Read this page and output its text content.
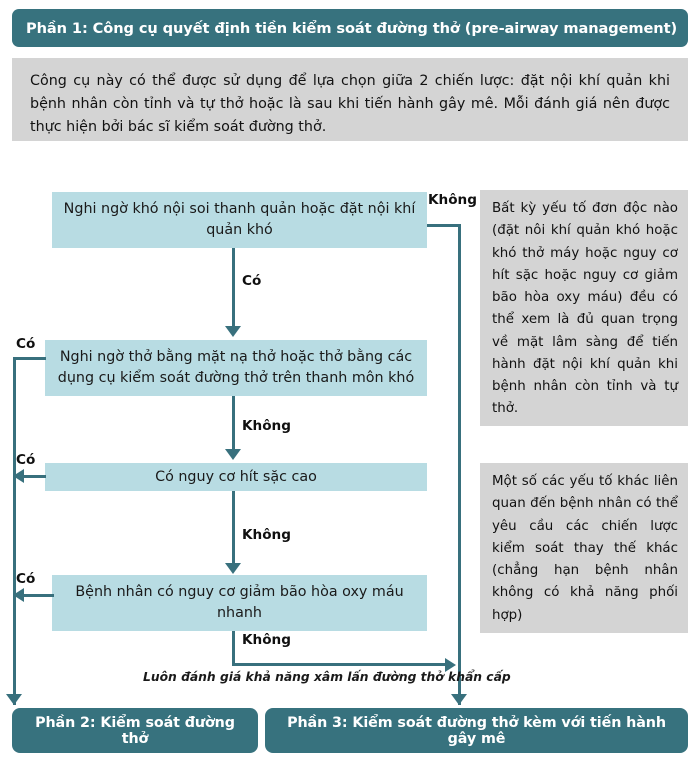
Phần 1: Công cụ quyết định tiền kiểm soát đường thở (pre-airway management)
Công cụ này có thể được sử dụng để lựa chọn giữa 2 chiến lược: đặt nội khí quản khi bệnh nhân còn tỉnh và tự thở hoặc là sau khi tiến hành gây mê. Mỗi đánh giá nên được thực hiện bởi bác sĩ kiểm soát đường thở.
Nghi ngờ khó nội soi thanh quản hoặc đặt nội khí quản khó
Nghi ngờ thở bằng mặt nạ thở hoặc thở bằng các dụng cụ kiểm soát đường thở trên thanh môn khó
Có nguy cơ hít sặc cao
Bệnh nhân có nguy cơ giảm bão hòa oxy máu nhanh
Có
Không
Có
Không
Có
Không
Có
Không
Luôn đánh giá khả năng xâm lấn đường thở khẩn cấp
Bất kỳ yếu tố đơn độc nào (đặt nôi khí quản khó hoặc khó thở máy hoặc nguy cơ hít sặc hoặc nguy cơ giảm bão hòa oxy máu) đều có thể xem là đủ quan trọng về mặt lâm sàng để tiến hành đặt nội khí quản khi bệnh nhân còn tỉnh và tự thở.
Một số các yếu tố khác liên quan đến bệnh nhân có thể yêu cầu các chiến lược kiểm soát thay thế khác (chẳng hạn bệnh nhân không có khả năng phối hợp)
Phần 2: Kiểm soát đường thở
Phần 3: Kiểm soát đường thở kèm với tiến hành gây mê
